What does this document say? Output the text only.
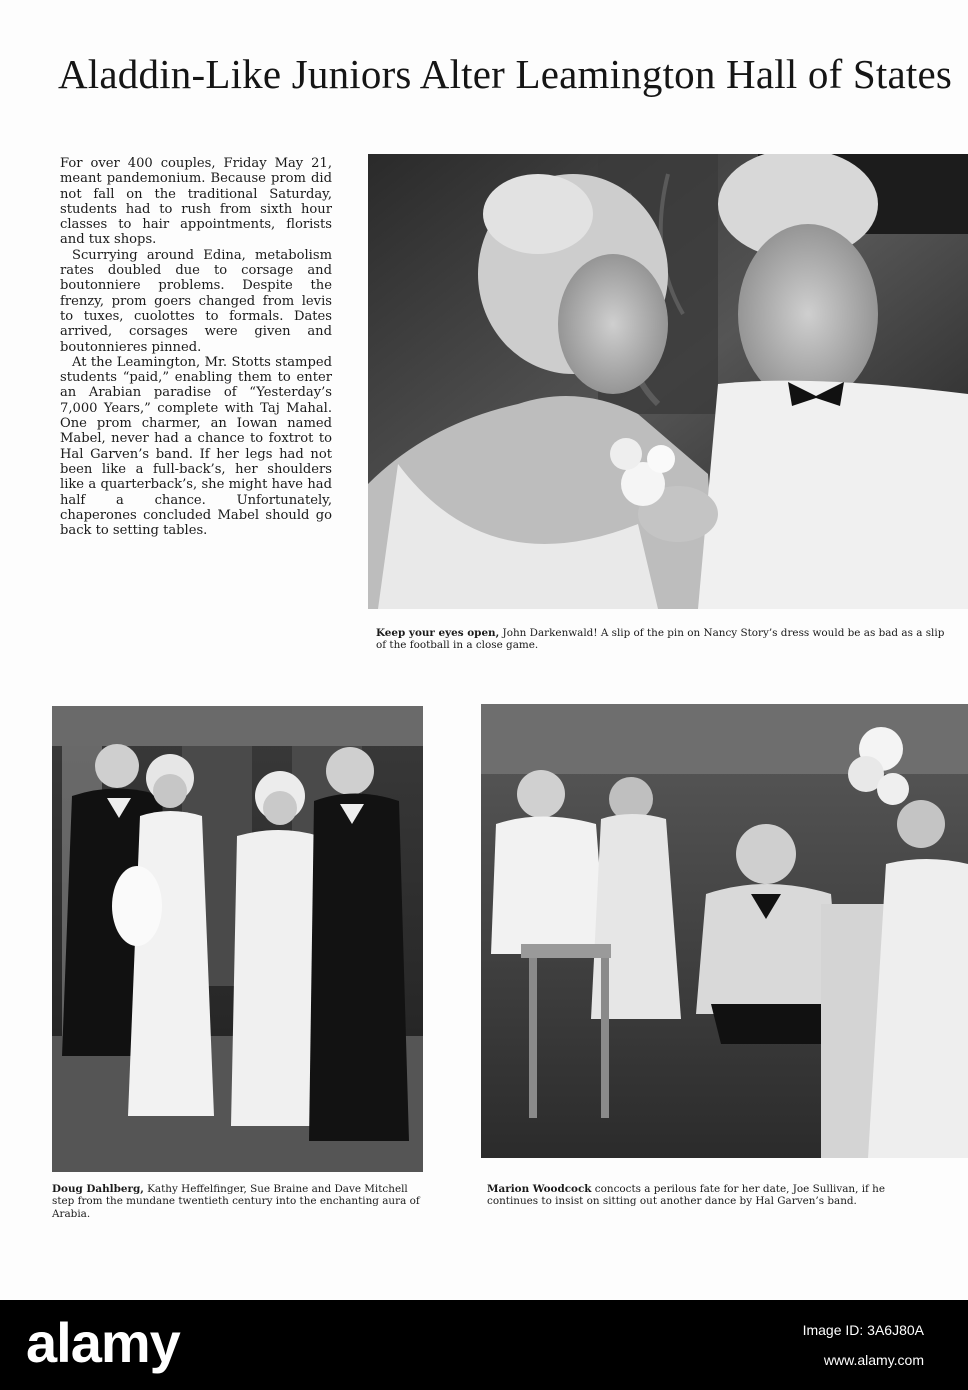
Aladdin-Like Juniors Alter Leamington Hall of States

For over 400 couples, Friday May 21, meant pandemonium. Because prom did not fall on the traditional Saturday, students had to rush from sixth hour classes to hair appointments, florists and tux shops.

Scurrying around Edina, metabolism rates doubled due to corsage and boutonniere problems. Despite the frenzy, prom goers changed from levis to tuxes, cuolottes to formals. Dates arrived, corsages were given and boutonnieres pinned.

At the Leamington, Mr. Stotts stamped students “paid,” enabling them to enter an Arabian paradise of “Yesterday’s 7,000 Years,” complete with Taj Mahal. One prom charmer, an Iowan named Mabel, never had a chance to foxtrot to Hal Garven’s band. If her legs had not been like a full-back’s, her shoulders like a quarterback’s, she might have had half a chance. Unfortunately, chaperones concluded Mabel should go back to setting tables.

Keep your eyes open, John Darkenwald! A slip of the pin on Nancy Story’s dress would be as bad as a slip of the football in a close game.
Doug Dahlberg, Kathy Heffelfinger, Sue Braine and Dave Mitchell step from the mundane twentieth century into the enchanting aura of Arabia.
Marion Woodcock concocts a perilous fate for her date, Joe Sullivan, if he continues to insist on sitting out another dance by Hal Garven’s band.
alamy	Image ID: 3A6J80A
www.alamy.com
